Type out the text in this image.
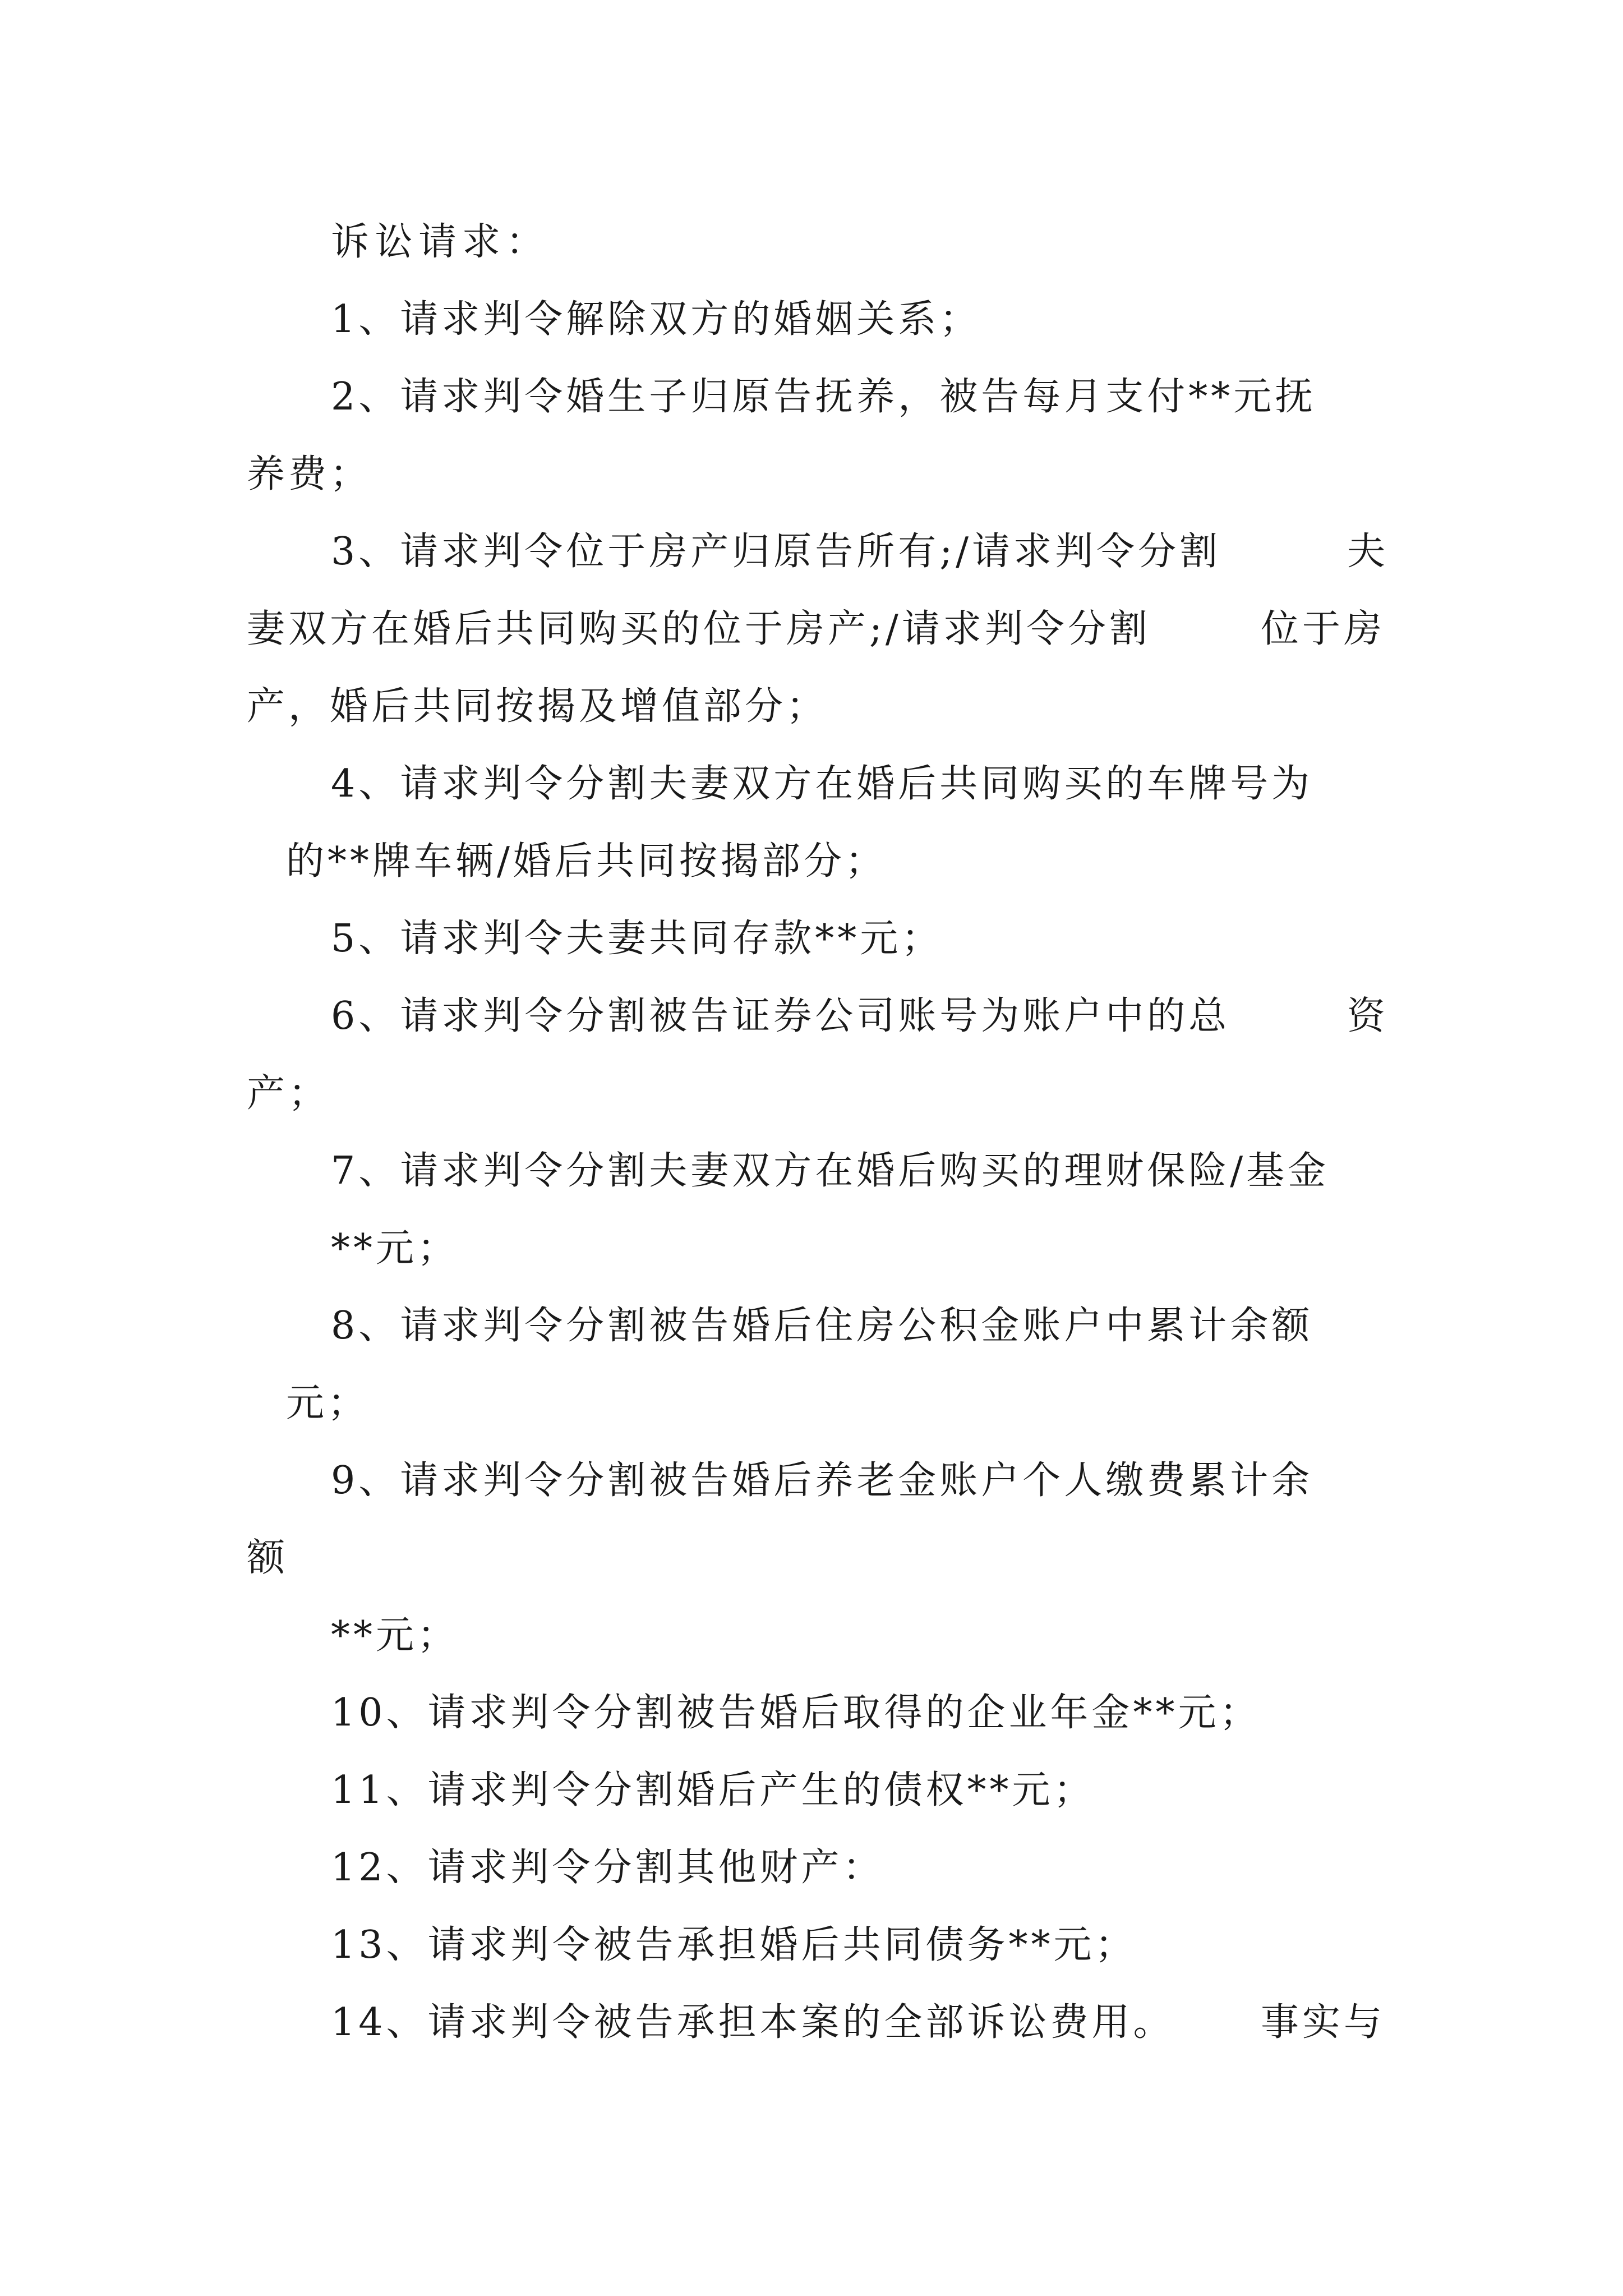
诉讼请求：
1、请求判令解除双方的婚姻关系；
2、请求判令婚生子归原告抚养，被告每月支付**元抚
养费；
3、请求判令位于房产归原告所有;/请求判令分割	夫
妻双方在婚后共同购买的位于房产;/请求判令分割	位于房
产，婚后共同按揭及增值部分；
4、请求判令分割夫妻双方在婚后共同购买的车牌号为
的**牌车辆/婚后共同按揭部分；
5、请求判令夫妻共同存款**元；
6、请求判令分割被告证券公司账号为账户中的总	资
产；
7、请求判令分割夫妻双方在婚后购买的理财保险/基金
**元；
8、请求判令分割被告婚后住房公积金账户中累计余额
元；
9、请求判令分割被告婚后养老金账户个人缴费累计余
额
**元；
10、请求判令分割被告婚后取得的企业年金**元；
11、请求判令分割婚后产生的债权**元；
12、请求判令分割其他财产：
13、请求判令被告承担婚后共同债务**元；
14、请求判令被告承担本案的全部诉讼费用。 事实与
